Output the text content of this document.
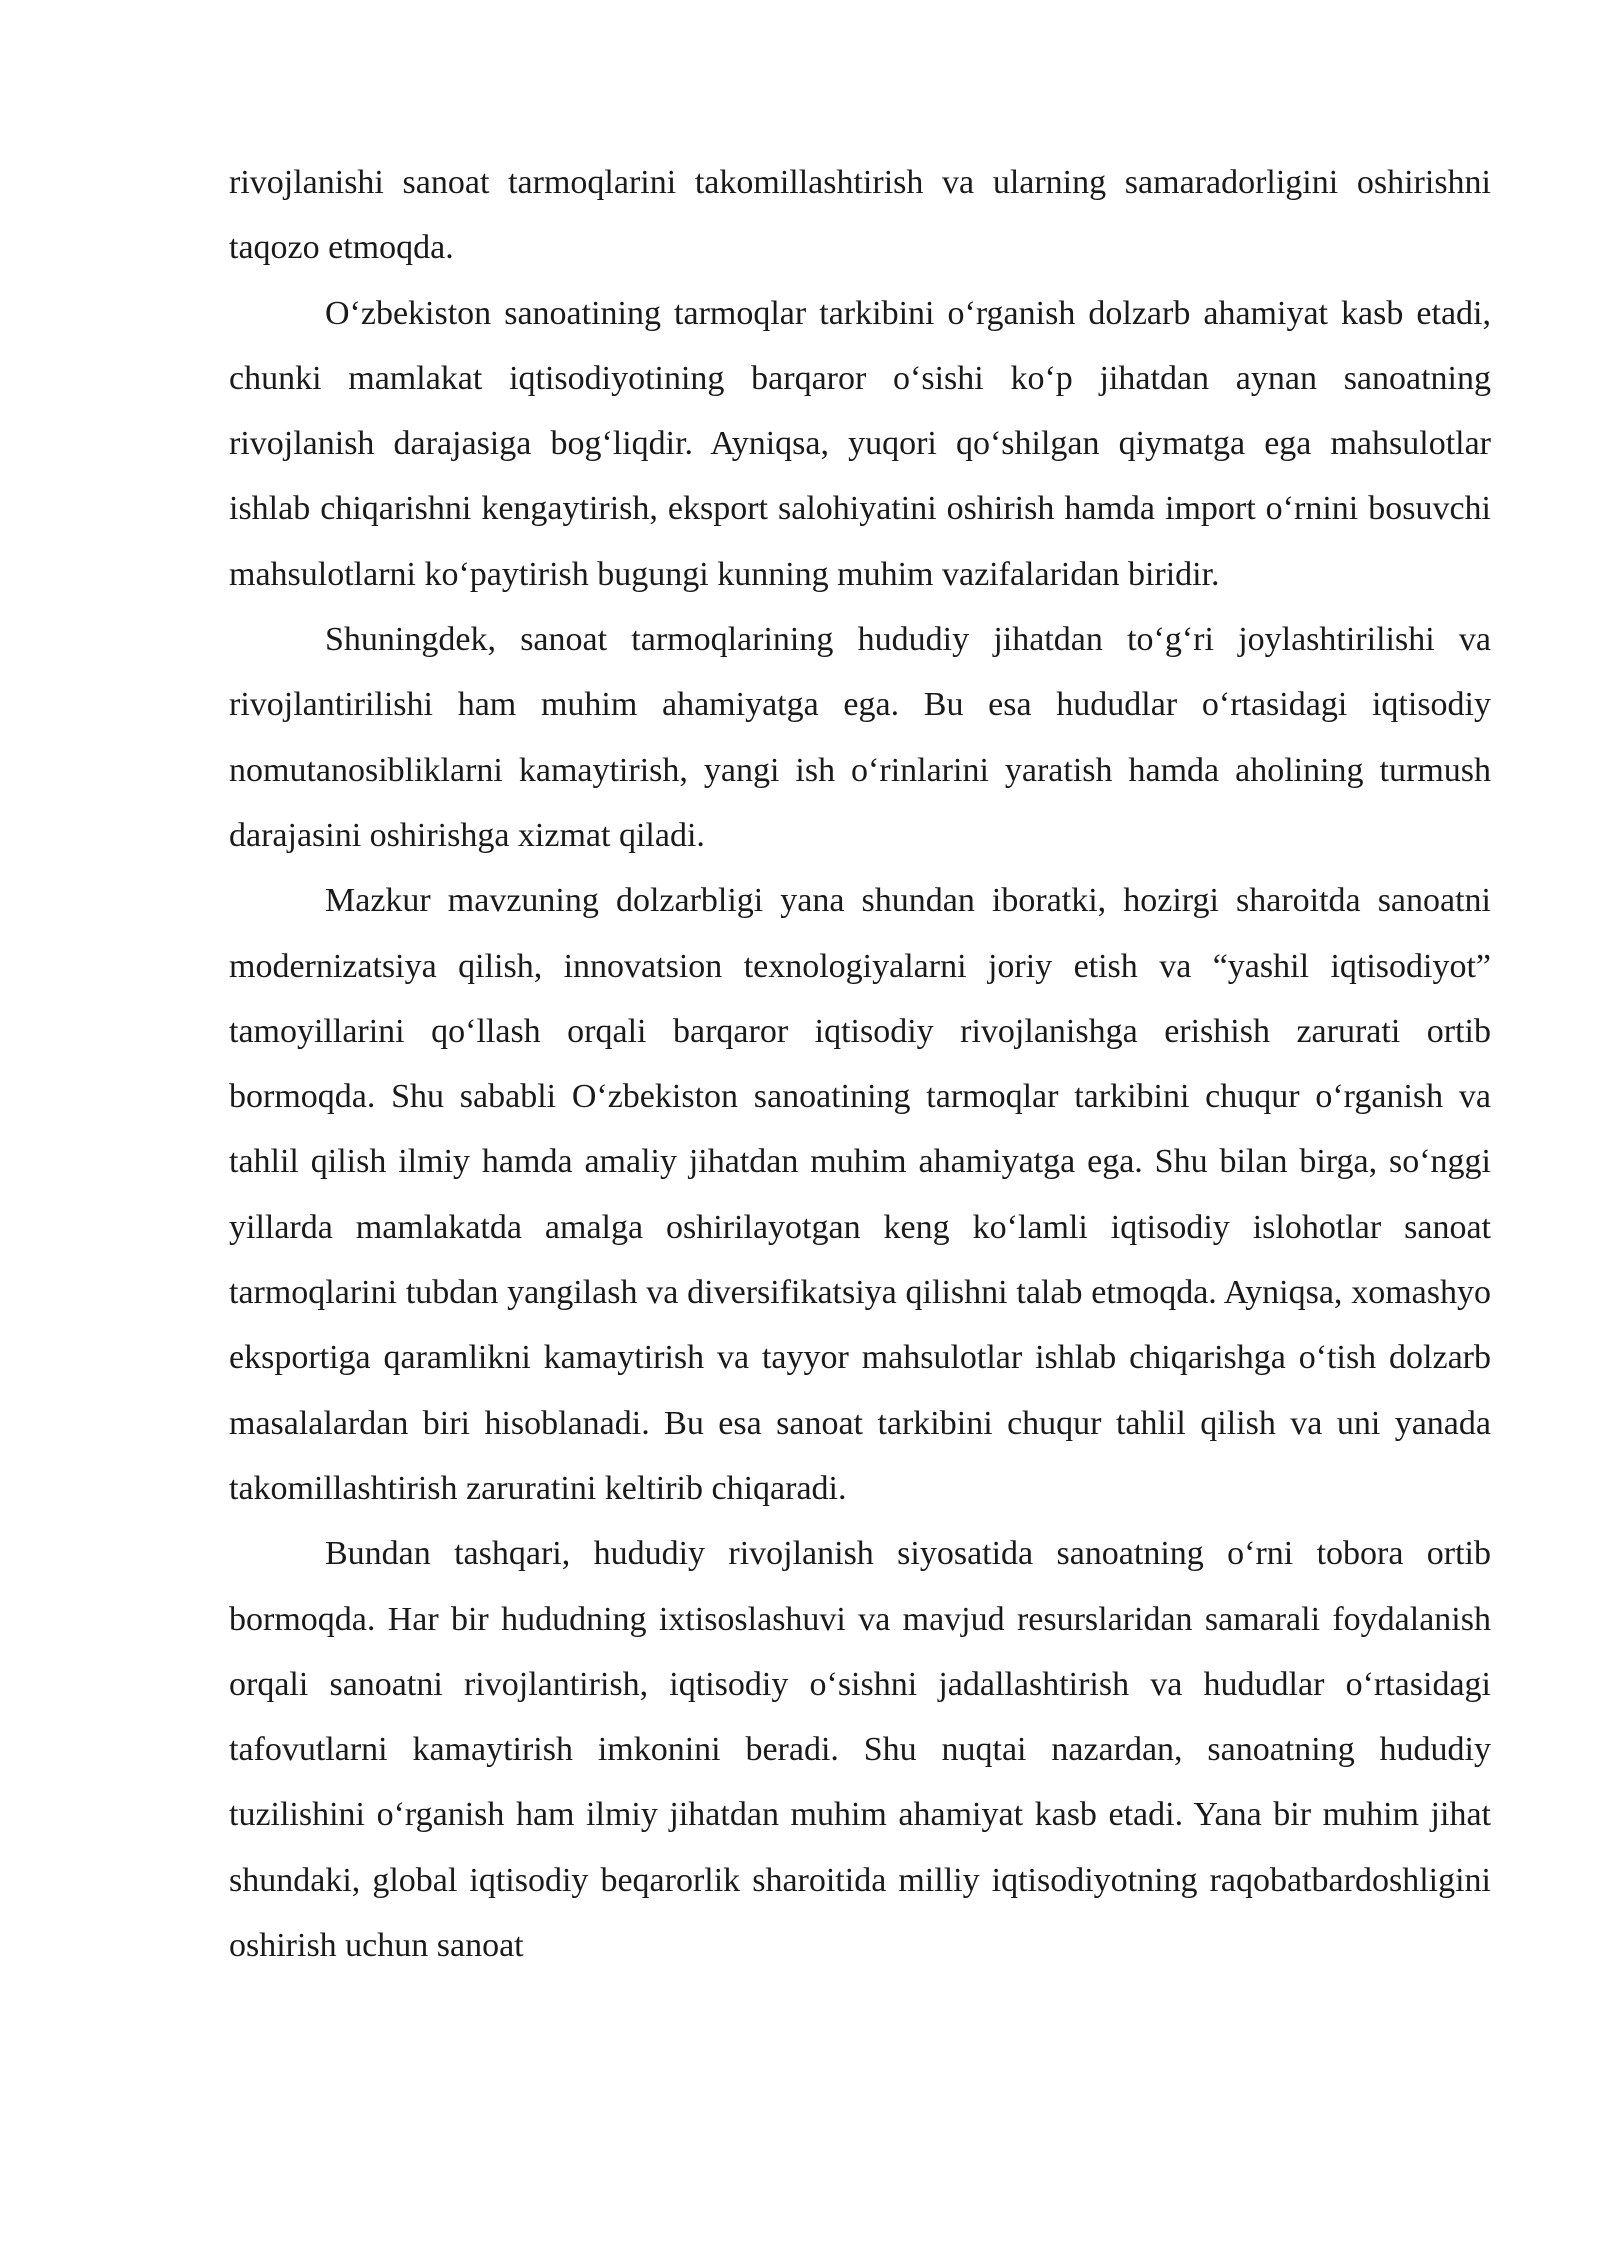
rivojlanishi sanoat tarmoqlarini takomillashtirish va ularning samaradorligini oshirishni taqozo etmoqda.

O‘zbekiston sanoatining tarmoqlar tarkibini o‘rganish dolzarb ahamiyat kasb etadi, chunki mamlakat iqtisodiyotining barqaror o‘sishi ko‘p jihatdan aynan sanoatning rivojlanish darajasiga bog‘liqdir. Ayniqsa, yuqori qo‘shilgan qiymatga ega mahsulotlar ishlab chiqarishni kengaytirish, eksport salohiyatini oshirish hamda import o‘rnini bosuvchi mahsulotlarni ko‘paytirish bugungi kunning muhim vazifalaridan biridir.

Shuningdek, sanoat tarmoqlarining hududiy jihatdan to‘g‘ri joylashtirilishi va rivojlantirilishi ham muhim ahamiyatga ega. Bu esa hududlar o‘rtasidagi iqtisodiy nomutanosibliklarni kamaytirish, yangi ish o‘rinlarini yaratish hamda aholining turmush darajasini oshirishga xizmat qiladi.

Mazkur mavzuning dolzarbligi yana shundan iboratki, hozirgi sharoitda sanoatni modernizatsiya qilish, innovatsion texnologiyalarni joriy etish va “yashil iqtisodiyot” tamoyillarini qo‘llash orqali barqaror iqtisodiy rivojlanishga erishish zarurati ortib bormoqda. Shu sababli O‘zbekiston sanoatining tarmoqlar tarkibini chuqur o‘rganish va tahlil qilish ilmiy hamda amaliy jihatdan muhim ahamiyatga ega. Shu bilan birga, so‘nggi yillarda mamlakatda amalga oshirilayotgan keng ko‘lamli iqtisodiy islohotlar sanoat tarmoqlarini tubdan yangilash va diversifikatsiya qilishni talab etmoqda. Ayniqsa, xomashyo eksportiga qaramlikni kamaytirish va tayyor mahsulotlar ishlab chiqarishga o‘tish dolzarb masalalardan biri hisoblanadi. Bu esa sanoat tarkibini chuqur tahlil qilish va uni yanada takomillashtirish zaruratini keltirib chiqaradi.

Bundan tashqari, hududiy rivojlanish siyosatida sanoatning o‘rni tobora ortib bormoqda. Har bir hududning ixtisoslashuvi va mavjud resurslaridan samarali foydalanish orqali sanoatni rivojlantirish, iqtisodiy o‘sishni jadallashtirish va hududlar o‘rtasidagi tafovutlarni kamaytirish imkonini beradi. Shu nuqtai nazardan, sanoatning hududiy tuzilishini o‘rganish ham ilmiy jihatdan muhim ahamiyat kasb etadi. Yana bir muhim jihat shundaki, global iqtisodiy beqarorlik sharoitida milliy iqtisodiyotning raqobatbardoshligini oshirish uchun sanoat
